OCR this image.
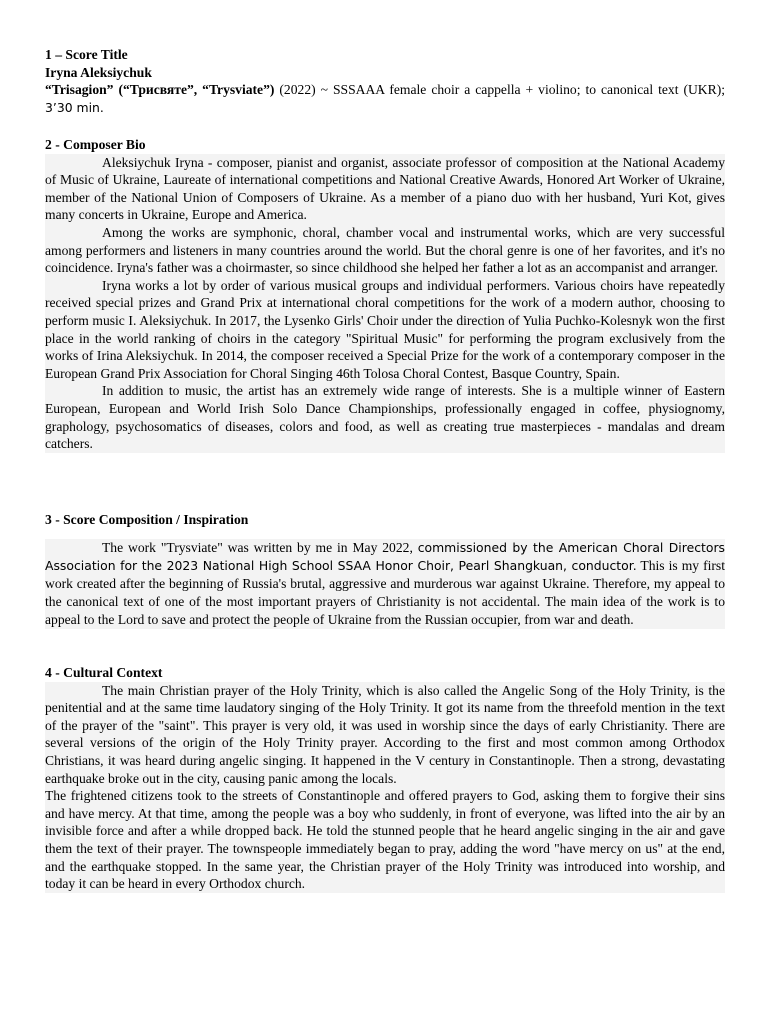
1 – Score Title
Iryna Aleksiychuk

“Trisagion” (“Трисвяте”, “Trysviate”) (2022) ~ SSSAAA female choir a cappella + violino; to canonical text (UKR); 3’30 min.

2 - Composer Bio

Aleksiychuk Iryna - composer, pianist and organist, associate professor of composition at the National Academy of Music of Ukraine, Laureate of international competitions and National Creative Awards, Honored Art Worker of Ukraine, member of the National Union of Composers of Ukraine. As a member of a piano duo with her husband, Yuri Kot, gives many concerts in Ukraine, Europe and America.

Among the works are symphonic, choral, chamber vocal and instrumental works, which are very successful among performers and listeners in many countries around the world. But the choral genre is one of her favorites, and it's no coincidence. Iryna's father was a choirmaster, so since childhood she helped her father a lot as an accompanist and arranger.

Iryna works a lot by order of various musical groups and individual performers. Various choirs have repeatedly received special prizes and Grand Prix at international choral competitions for the work of a modern author, choosing to perform music I. Aleksiychuk. In 2017, the Lysenko Girls' Choir under the direction of Yulia Puchko-Kolesnyk won the first place in the world ranking of choirs in the category "Spiritual Music" for performing the program exclusively from the works of Irina Aleksiychuk. In 2014, the composer received a Special Prize for the work of a contemporary composer in the European Grand Prix Association for Choral Singing 46th Tolosa Choral Contest, Basque Country, Spain.

In addition to music, the artist has an extremely wide range of interests. She is a multiple winner of Eastern European, European and World Irish Solo Dance Championships, professionally engaged in coffee, physiognomy, graphology, psychosomatics of diseases, colors and food, as well as creating true masterpieces - mandalas and dream catchers.

3 - Score Composition / Inspiration

The work "Trysviate" was written by me in May 2022, commissioned by the American Choral Directors Association for the 2023 National High School SSAA Honor Choir, Pearl Shangkuan, conductor. This is my first work created after the beginning of Russia's brutal, aggressive and murderous war against Ukraine. Therefore, my appeal to the canonical text of one of the most important prayers of Christianity is not accidental. The main idea of the work is to appeal to the Lord to save and protect the people of Ukraine from the Russian occupier, from war and death.

4 - Cultural Context

The main Christian prayer of the Holy Trinity, which is also called the Angelic Song of the Holy Trinity, is the penitential and at the same time laudatory singing of the Holy Trinity. It got its name from the threefold mention in the text of the prayer of the "saint". This prayer is very old, it was used in worship since the days of early Christianity. There are several versions of the origin of the Holy Trinity prayer. According to the first and most common among Orthodox Christians, it was heard during angelic singing. It happened in the V century in Constantinople. Then a strong, devastating earthquake broke out in the city, causing panic among the locals.

The frightened citizens took to the streets of Constantinople and offered prayers to God, asking them to forgive their sins and have mercy. At that time, among the people was a boy who suddenly, in front of everyone, was lifted into the air by an invisible force and after a while dropped back. He told the stunned people that he heard angelic singing in the air and gave them the text of their prayer. The townspeople immediately began to pray, adding the word "have mercy on us" at the end, and the earthquake stopped. In the same year, the Christian prayer of the Holy Trinity was introduced into worship, and today it can be heard in every Orthodox church.
